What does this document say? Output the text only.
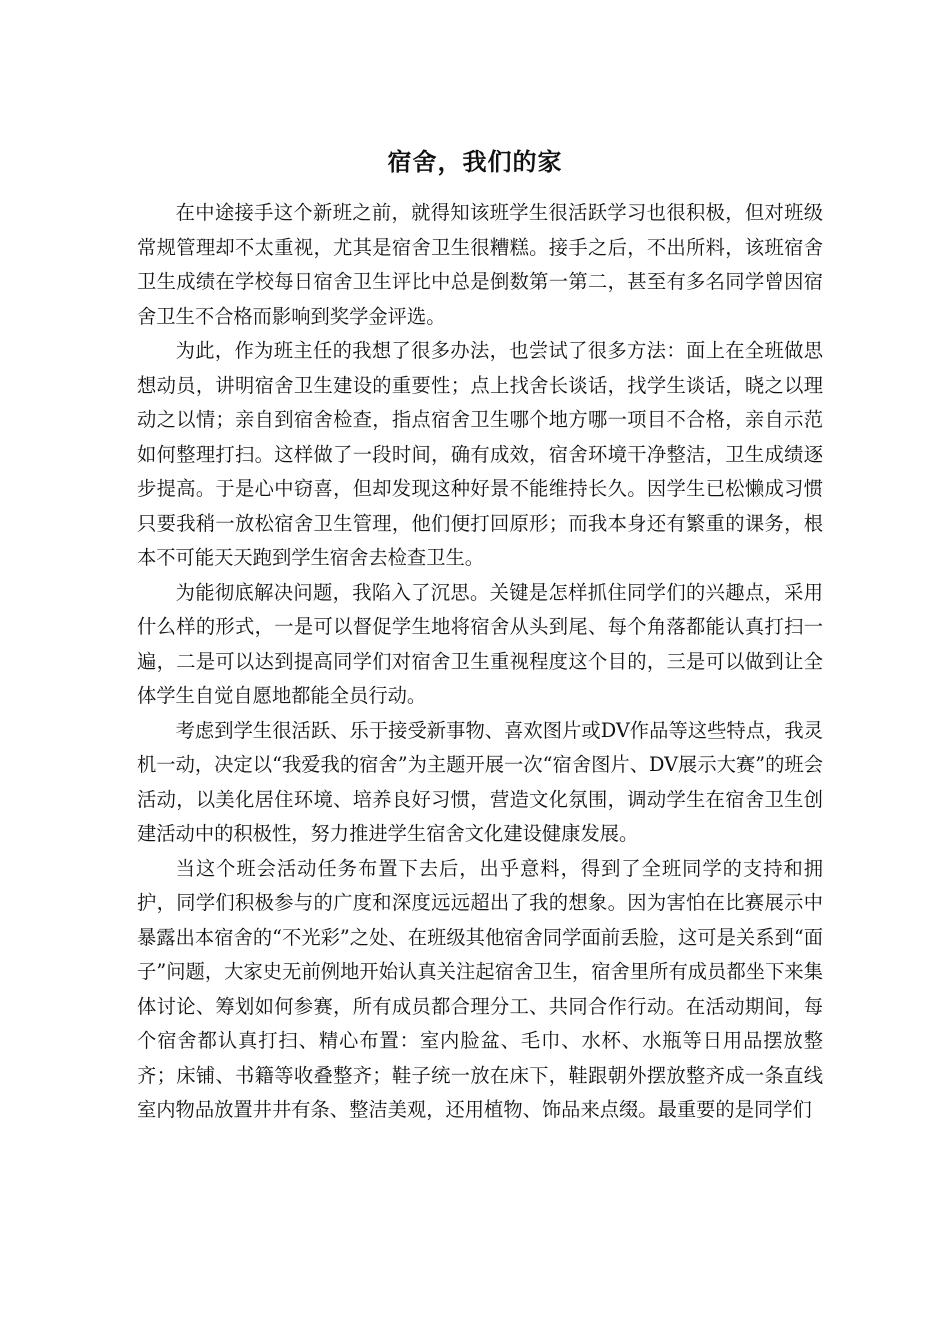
宿舍，我们的家

在中途接手这个新班之前，就得知该班学生很活跃学习也很积极，但对班级常规管理却不太重视，尤其是宿舍卫生很糟糕。接手之后，不出所料，该班宿舍卫生成绩在学校每日宿舍卫生评比中总是倒数第一第二，甚至有多名同学曾因宿舍卫生不合格而影响到奖学金评选。

为此，作为班主任的我想了很多办法，也尝试了很多方法：面上在全班做思想动员，讲明宿舍卫生建设的重要性；点上找舍长谈话，找学生谈话，晓之以理动之以情；亲自到宿舍检查，指点宿舍卫生哪个地方哪一项目不合格，亲自示范如何整理打扫。这样做了一段时间，确有成效，宿舍环境干净整洁，卫生成绩逐步提高。于是心中窃喜，但却发现这种好景不能维持长久。因学生已松懒成习惯只要我稍一放松宿舍卫生管理，他们便打回原形；而我本身还有繁重的课务，根本不可能天天跑到学生宿舍去检查卫生。

为能彻底解决问题，我陷入了沉思。关键是怎样抓住同学们的兴趣点，采用什么样的形式，一是可以督促学生地将宿舍从头到尾、每个角落都能认真打扫一遍，二是可以达到提高同学们对宿舍卫生重视程度这个目的，三是可以做到让全体学生自觉自愿地都能全员行动。

考虑到学生很活跃、乐于接受新事物、喜欢图片或DV作品等这些特点，我灵机一动，决定以“我爱我的宿舍”为主题开展一次“宿舍图片、DV展示大赛”的班会活动，以美化居住环境、培养良好习惯，营造文化氛围，调动学生在宿舍卫生创建活动中的积极性，努力推进学生宿舍文化建设健康发展。

当这个班会活动任务布置下去后，出乎意料，得到了全班同学的支持和拥护，同学们积极参与的广度和深度远远超出了我的想象。因为害怕在比赛展示中暴露出本宿舍的“不光彩”之处、在班级其他宿舍同学面前丢脸，这可是关系到“面子”问题，大家史无前例地开始认真关注起宿舍卫生，宿舍里所有成员都坐下来集体讨论、筹划如何参赛，所有成员都合理分工、共同合作行动。在活动期间，每个宿舍都认真打扫、精心布置：室内脸盆、毛巾、水杯、水瓶等日用品摆放整齐；床铺、书籍等收叠整齐；鞋子统一放在床下，鞋跟朝外摆放整齐成一条直线室内物品放置井井有条、整洁美观，还用植物、饰品来点缀。最重要的是同学们
